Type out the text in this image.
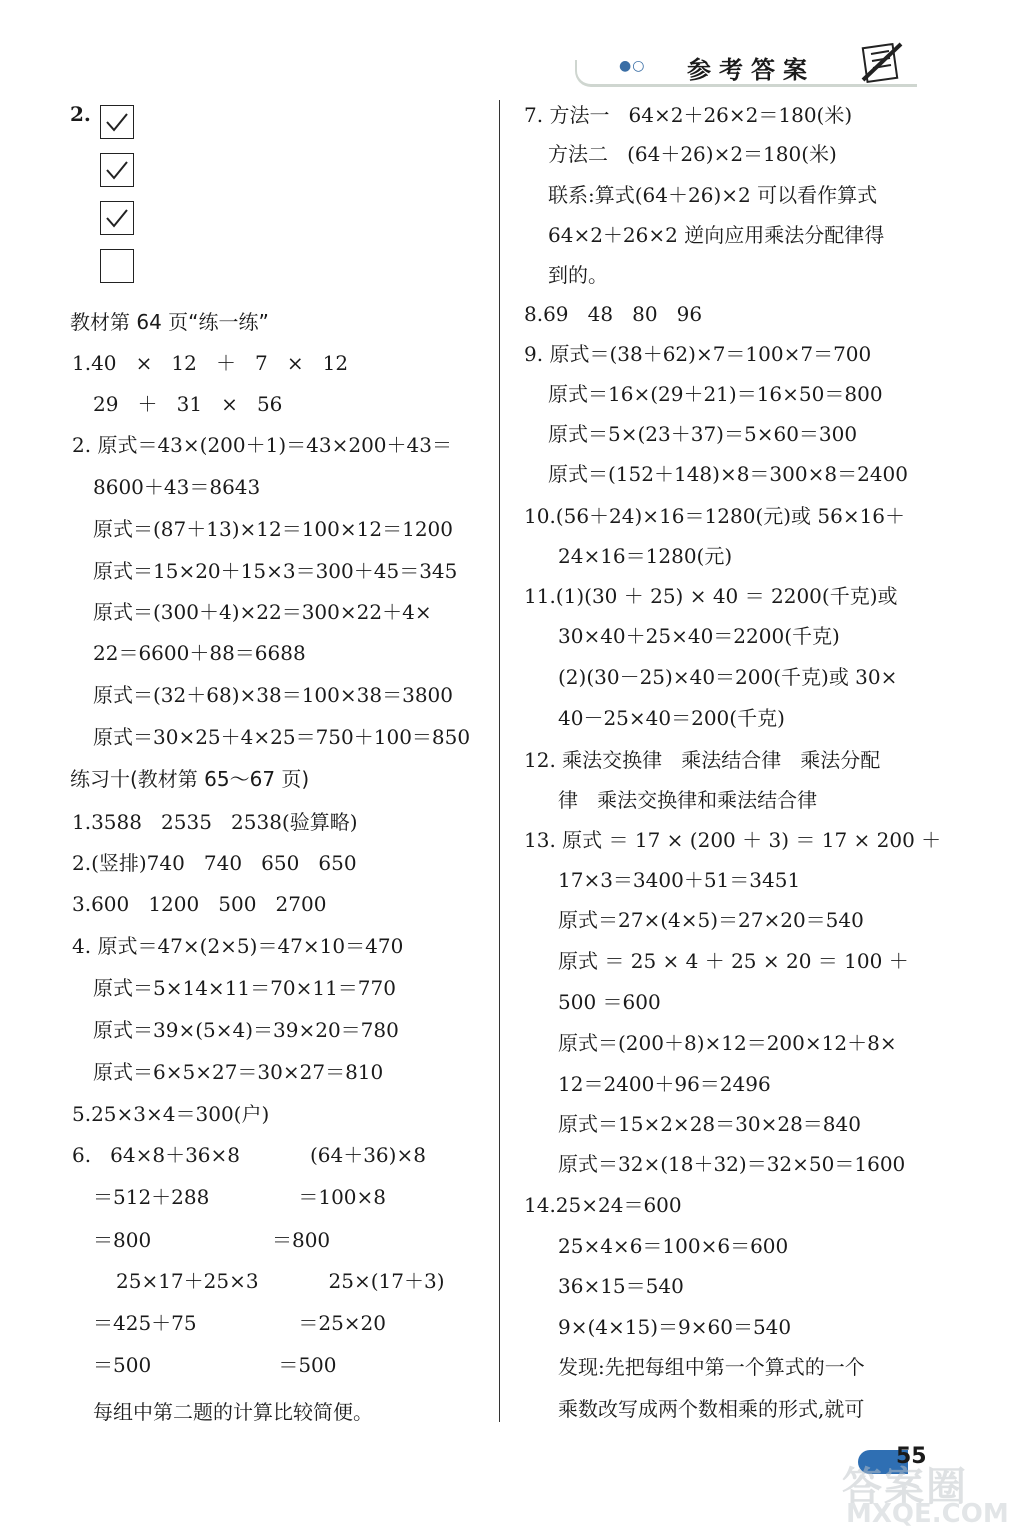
●○ 参考答案
2.
教材第 64 页“练一练”
1.40   ×   12   ＋   7   ×   12
29   ＋   31   ×   56
2. 原式＝43×(200＋1)＝43×200＋43＝
8600＋43＝8643
原式＝(87＋13)×12＝100×12＝1200
原式＝15×20＋15×3＝300＋45＝345
原式＝(300＋4)×22＝300×22＋4×
22＝6600＋88＝6688
原式＝(32＋68)×38＝100×38＝3800
原式＝30×25＋4×25＝750＋100＝850
练习十(教材第 65～67 页)
1.3588   2535   2538(验算略)
2.(竖排)740   740   650   650
3.600   1200   500   2700
4. 原式＝47×(2×5)＝47×10＝470
原式＝5×14×11＝70×11＝770
原式＝39×(5×4)＝39×20＝780
原式＝6×5×27＝30×27＝810
5.25×3×4＝300(户)
6.   64×8＋36×8           (64＋36)×8
＝512＋288              ＝100×8
＝800                   ＝800
25×17＋25×3           25×(17＋3)
＝425＋75                ＝25×20
＝500                    ＝500
每组中第二题的计算比较简便。
7. 方法一   64×2＋26×2＝180(米)
方法二   (64＋26)×2＝180(米)
联系:算式(64＋26)×2 可以看作算式
64×2＋26×2 逆向应用乘法分配律得
到的。
8.69   48   80   96
9. 原式＝(38＋62)×7＝100×7＝700
原式＝16×(29＋21)＝16×50＝800
原式＝5×(23＋37)＝5×60＝300
原式＝(152＋148)×8＝300×8＝2400
10.(56＋24)×16＝1280(元)或 56×16＋
24×16＝1280(元)
11.(1)(30 ＋ 25) × 40 ＝ 2200(千克)或
30×40＋25×40＝2200(千克)
(2)(30－25)×40＝200(千克)或 30×
40－25×40＝200(千克)
12. 乘法交换律   乘法结合律   乘法分配
律   乘法交换律和乘法结合律
13. 原式 ＝ 17 × (200 ＋ 3) ＝ 17 × 200 ＋
17×3＝3400＋51＝3451
原式＝27×(4×5)＝27×20＝540
原式 ＝ 25 × 4 ＋ 25 × 20 ＝ 100 ＋
500 ＝600
原式＝(200＋8)×12＝200×12＋8×
12＝2400＋96＝2496
原式＝15×2×28＝30×28＝840
原式＝32×(18＋32)＝32×50＝1600
14.25×24＝600
25×4×6＝100×6＝600
36×15＝540
9×(4×15)＝9×60＝540
发现:先把每组中第一个算式的一个
乘数改写成两个数相乘的形式,就可
55
答案圈
MXQE.COM
